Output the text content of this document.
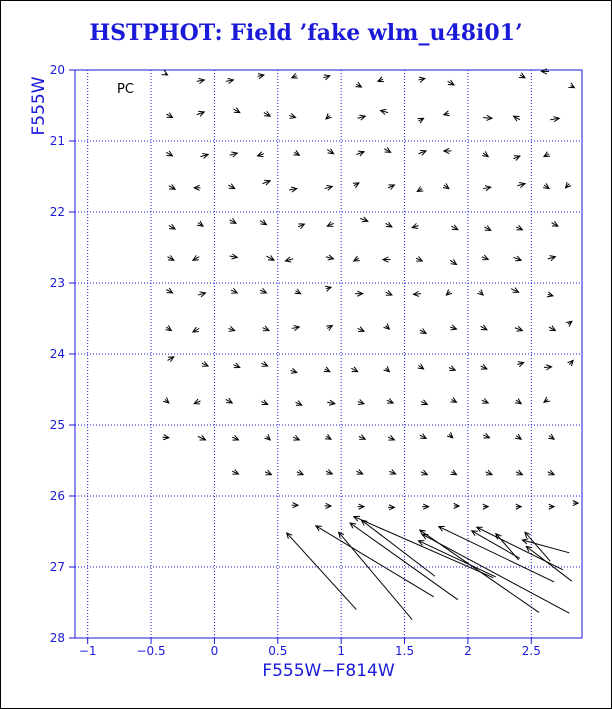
HSTPHOT: Field ’fake wlm_u48i01’
−1	−0.5	0	0.5	1	1.5	2	2.5
20
21
22
23
24
25
26
27
28
PC
F555W−F814W
F555W
